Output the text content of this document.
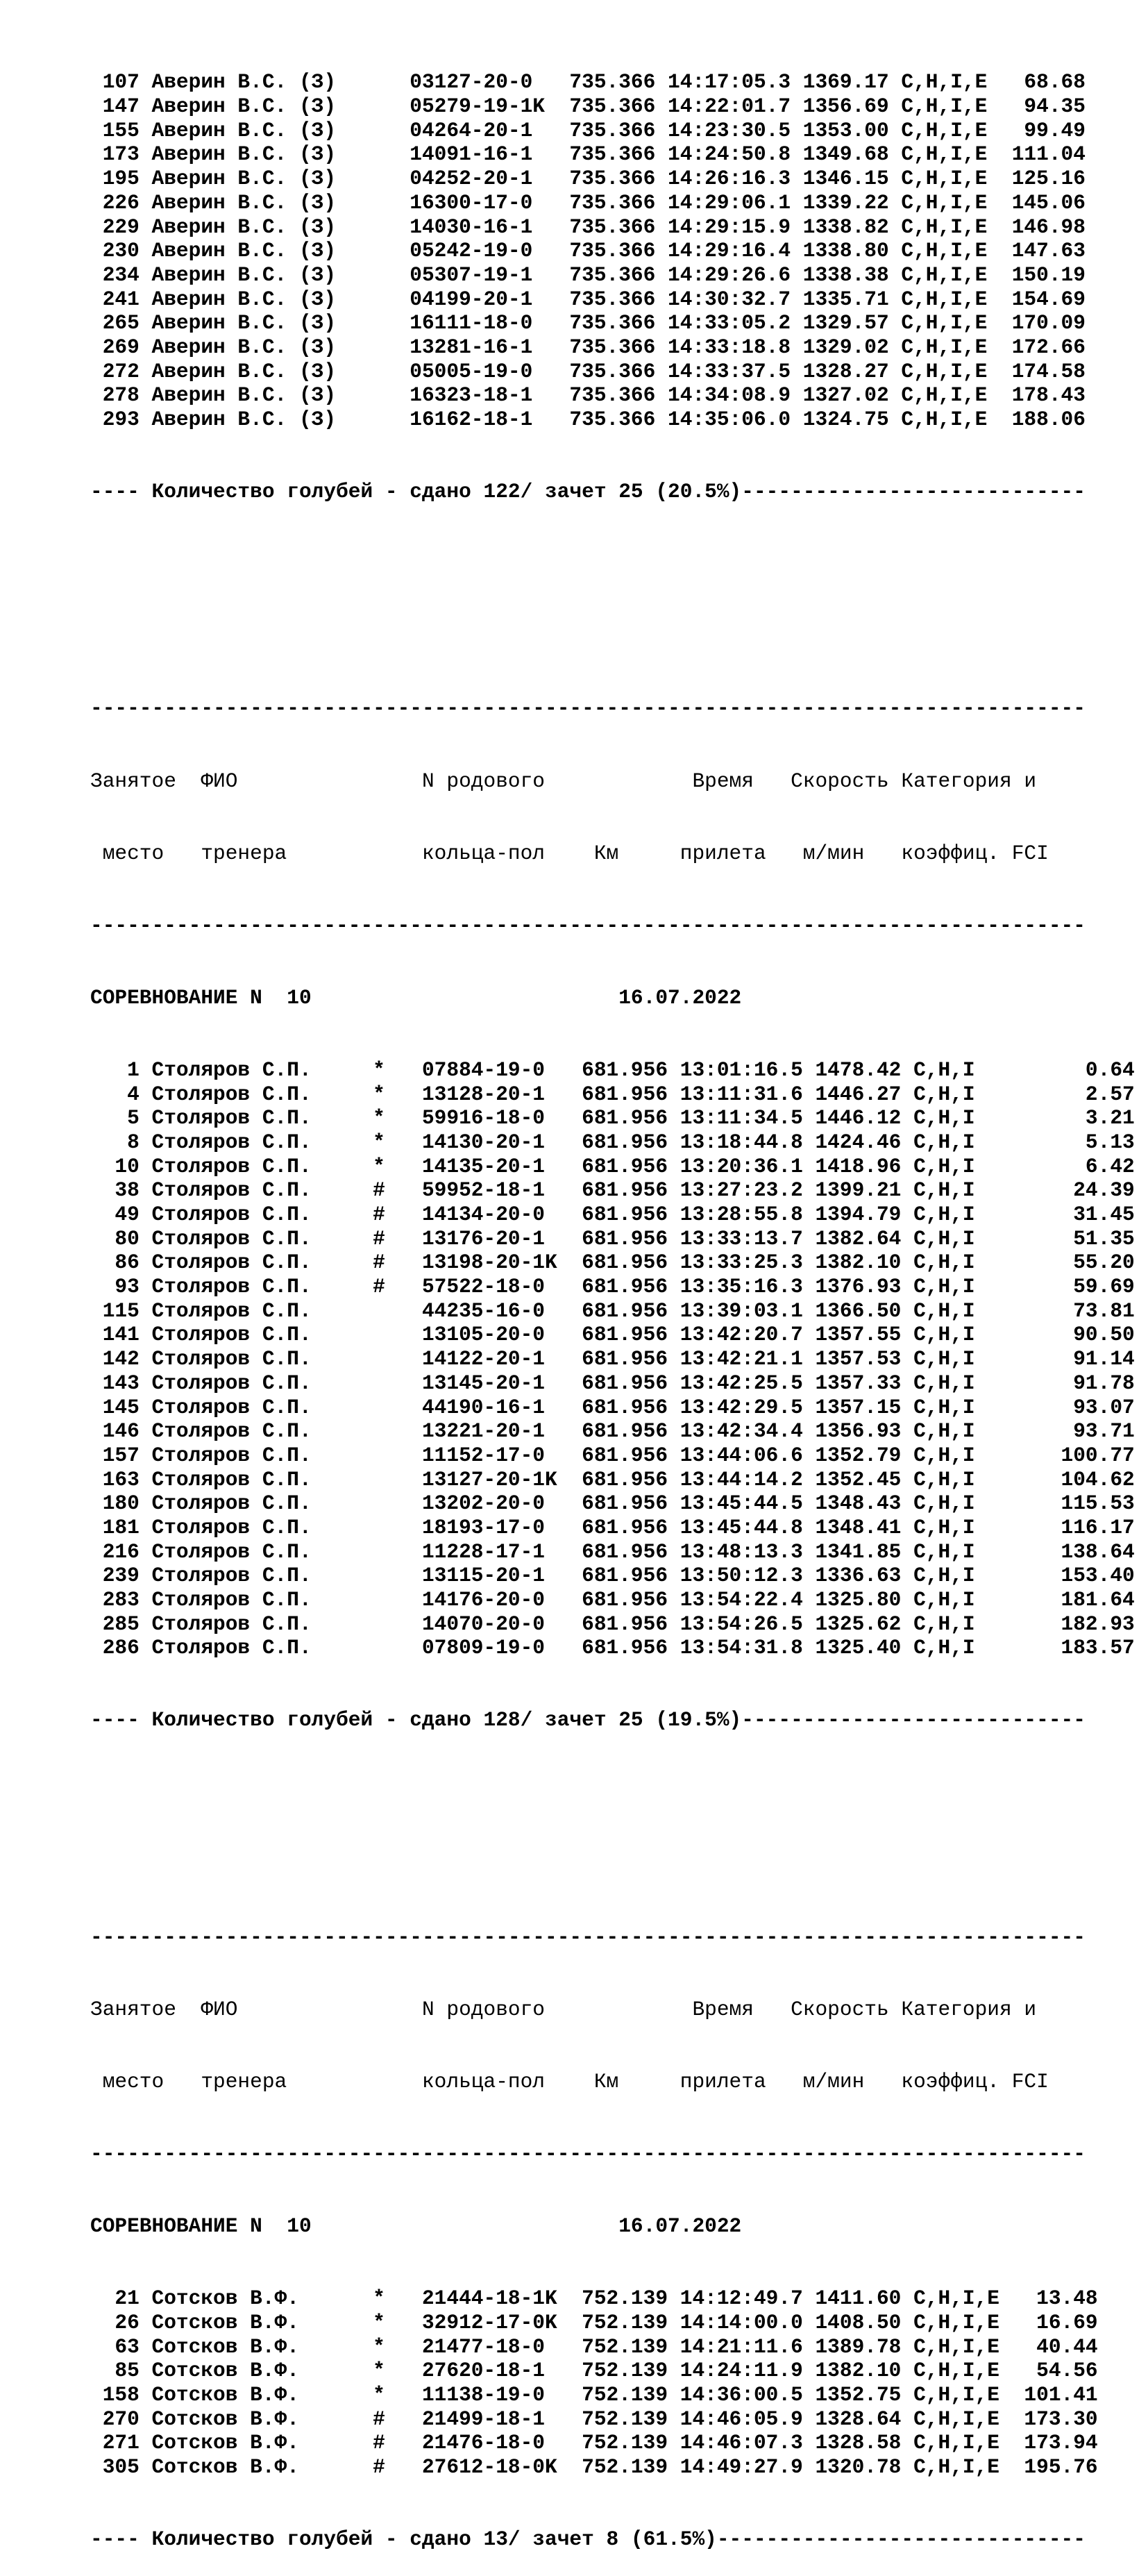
107 Аверин В.С. (З)      03127-20-0   735.366 14:17:05.3 1369.17 C,H,I,E   68.68
147 Аверин В.С. (З)      05279-19-1K  735.366 14:22:01.7 1356.69 C,H,I,E   94.35
155 Аверин В.С. (З)      04264-20-1   735.366 14:23:30.5 1353.00 C,H,I,E   99.49
173 Аверин В.С. (З)      14091-16-1   735.366 14:24:50.8 1349.68 C,H,I,E  111.04
195 Аверин В.С. (З)      04252-20-1   735.366 14:26:16.3 1346.15 C,H,I,E  125.16
226 Аверин В.С. (З)      16300-17-0   735.366 14:29:06.1 1339.22 C,H,I,E  145.06
229 Аверин В.С. (З)      14030-16-1   735.366 14:29:15.9 1338.82 C,H,I,E  146.98
230 Аверин В.С. (З)      05242-19-0   735.366 14:29:16.4 1338.80 C,H,I,E  147.63
234 Аверин В.С. (З)      05307-19-1   735.366 14:29:26.6 1338.38 C,H,I,E  150.19
241 Аверин В.С. (З)      04199-20-1   735.366 14:30:32.7 1335.71 C,H,I,E  154.69
265 Аверин В.С. (З)      16111-18-0   735.366 14:33:05.2 1329.57 C,H,I,E  170.09
269 Аверин В.С. (З)      13281-16-1   735.366 14:33:18.8 1329.02 C,H,I,E  172.66
272 Аверин В.С. (З)      05005-19-0   735.366 14:33:37.5 1328.27 C,H,I,E  174.58
278 Аверин В.С. (З)      16323-18-1   735.366 14:34:08.9 1327.02 C,H,I,E  178.43
293 Аверин В.С. (З)      16162-18-1   735.366 14:35:06.0 1324.75 C,H,I,E  188.06

---- Количество голубей - сдано 122/ зачет 25 (20.5%)----------------------------

---------------------------------------------------------------------------------

Занятое  ФИО               N родового            Время   Скорость Категория и

место   тренера           кольца-пол    Км     прилета   м/мин   коэффиц. FCI

---------------------------------------------------------------------------------

СОРЕВНОВАНИЕ N  10                         16.07.2022

1 Столяров С.П.     *   07884-19-0   681.956 13:01:16.5 1478.42 C,H,I         0.64
4 Столяров С.П.     *   13128-20-1   681.956 13:11:31.6 1446.27 C,H,I         2.57
5 Столяров С.П.     *   59916-18-0   681.956 13:11:34.5 1446.12 C,H,I         3.21
8 Столяров С.П.     *   14130-20-1   681.956 13:18:44.8 1424.46 C,H,I         5.13
10 Столяров С.П.     *   14135-20-1   681.956 13:20:36.1 1418.96 C,H,I         6.42
38 Столяров С.П.     #   59952-18-1   681.956 13:27:23.2 1399.21 C,H,I        24.39
49 Столяров С.П.     #   14134-20-0   681.956 13:28:55.8 1394.79 C,H,I        31.45
80 Столяров С.П.     #   13176-20-1   681.956 13:33:13.7 1382.64 C,H,I        51.35
86 Столяров С.П.     #   13198-20-1K  681.956 13:33:25.3 1382.10 C,H,I        55.20
93 Столяров С.П.     #   57522-18-0   681.956 13:35:16.3 1376.93 C,H,I        59.69
115 Столяров С.П.         44235-16-0   681.956 13:39:03.1 1366.50 C,H,I        73.81
141 Столяров С.П.         13105-20-0   681.956 13:42:20.7 1357.55 C,H,I        90.50
142 Столяров С.П.         14122-20-1   681.956 13:42:21.1 1357.53 C,H,I        91.14
143 Столяров С.П.         13145-20-1   681.956 13:42:25.5 1357.33 C,H,I        91.78
145 Столяров С.П.         44190-16-1   681.956 13:42:29.5 1357.15 C,H,I        93.07
146 Столяров С.П.         13221-20-1   681.956 13:42:34.4 1356.93 C,H,I        93.71
157 Столяров С.П.         11152-17-0   681.956 13:44:06.6 1352.79 C,H,I       100.77
163 Столяров С.П.         13127-20-1K  681.956 13:44:14.2 1352.45 C,H,I       104.62
180 Столяров С.П.         13202-20-0   681.956 13:45:44.5 1348.43 C,H,I       115.53
181 Столяров С.П.         18193-17-0   681.956 13:45:44.8 1348.41 C,H,I       116.17
216 Столяров С.П.         11228-17-1   681.956 13:48:13.3 1341.85 C,H,I       138.64
239 Столяров С.П.         13115-20-1   681.956 13:50:12.3 1336.63 C,H,I       153.40
283 Столяров С.П.         14176-20-0   681.956 13:54:22.4 1325.80 C,H,I       181.64
285 Столяров С.П.         14070-20-0   681.956 13:54:26.5 1325.62 C,H,I       182.93
286 Столяров С.П.         07809-19-0   681.956 13:54:31.8 1325.40 C,H,I       183.57

---- Количество голубей - сдано 128/ зачет 25 (19.5%)----------------------------

---------------------------------------------------------------------------------

Занятое  ФИО               N родового            Время   Скорость Категория и

место   тренера           кольца-пол    Км     прилета   м/мин   коэффиц. FCI

---------------------------------------------------------------------------------

СОРЕВНОВАНИЕ N  10                         16.07.2022

21 Сотсков В.Ф.      *   21444-18-1K  752.139 14:12:49.7 1411.60 C,H,I,E   13.48
26 Сотсков В.Ф.      *   32912-17-0K  752.139 14:14:00.0 1408.50 C,H,I,E   16.69
63 Сотсков В.Ф.      *   21477-18-0   752.139 14:21:11.6 1389.78 C,H,I,E   40.44
85 Сотсков В.Ф.      *   27620-18-1   752.139 14:24:11.9 1382.10 C,H,I,E   54.56
158 Сотсков В.Ф.      *   11138-19-0   752.139 14:36:00.5 1352.75 C,H,I,E  101.41
270 Сотсков В.Ф.      #   21499-18-1   752.139 14:46:05.9 1328.64 C,H,I,E  173.30
271 Сотсков В.Ф.      #   21476-18-0   752.139 14:46:07.3 1328.58 C,H,I,E  173.94
305 Сотсков В.Ф.      #   27612-18-0K  752.139 14:49:27.9 1320.78 C,H,I,E  195.76

---- Количество голубей - сдано 13/ зачет 8 (61.5%)------------------------------
